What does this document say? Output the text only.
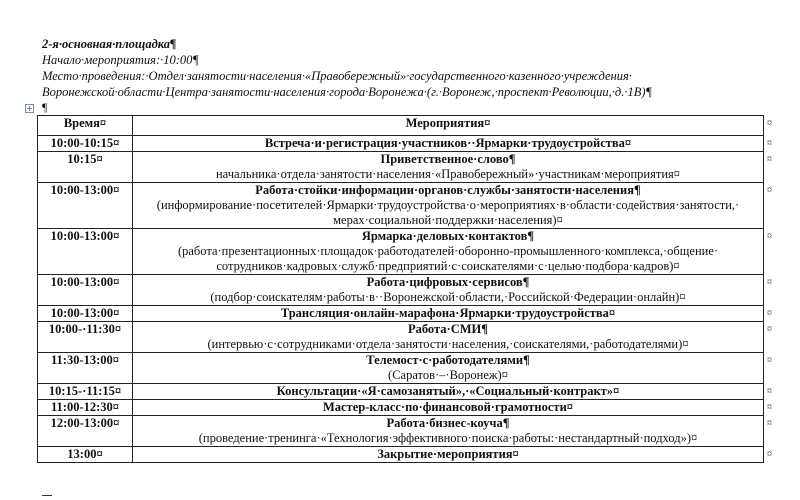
2-я·основная·площадка¶
Начало·мероприятия:·10:00¶
Место·проведения:·Отдел·занятости·населения·«Правобережный»·государственного·казенного·учреждения·
Воронежской·области·Центра·занятости·населения·города·Воронежа·(г.·Воронеж,·проспект·Революции,·д.·1В)¶
+ ¶
Время¤	Мероприятия¤
10:00-10:15¤	Встреча·и·регистрация·участников··Ярмарки·трудоустройства¤

10:15¤	Приветственное·слово¶
начальника·отдела·занятости·населения·«Правобережный»·участникам·мероприятия¤

10:00-13:00¤	Работа·стойки·информации·органов·службы·занятости·населения¶
(информирование·посетителей·Ярмарки·трудоустройства·о·мероприятиях·в·области·содействия·занятости,· мерах·социальной·поддержки·населения)¤

10:00-13:00¤	Ярмарка·деловых·контактов¶
(работа·презентационных·площадок·работодателей·оборонно-промышленного·комплекса,·общение· сотрудников·кадровых·служб·предприятий·с·соискателями·с·целью·подбора·кадров)¤

10:00-13:00¤	Работа·цифровых·сервисов¶
(подбор·соискателям·работы·в··Воронежской·области,·Российской·Федерации·онлайн)¤

10:00-13:00¤	Трансляция·онлайн-марафона·Ярмарки·трудоустройства¤

10:00-·11:30¤	Работа·СМИ¶
(интервью·с·сотрудниками·отдела·занятости·населения,·соискателями,·работодателями)¤

11:30-13:00¤	Телемост·с·работодателями¶
(Саратов·–·Воронеж)¤

10:15-·11:15¤	Консультации·«Я·самозанятый»,·«Социальный·контракт»¤

11:00-12:30¤	Мастер-класс·по·финансовой·грамотности¤

12:00-13:00¤	Работа·бизнес-коуча¶
(проведение·тренинга·«Технология·эффективного·поиска·работы:·нестандартный·подход»)¤

13:00¤	Закрытие·мероприятия¤
¤
¤
¤
¤
¤
¤
¤
¤
¤
¤
¤
¤
¤
